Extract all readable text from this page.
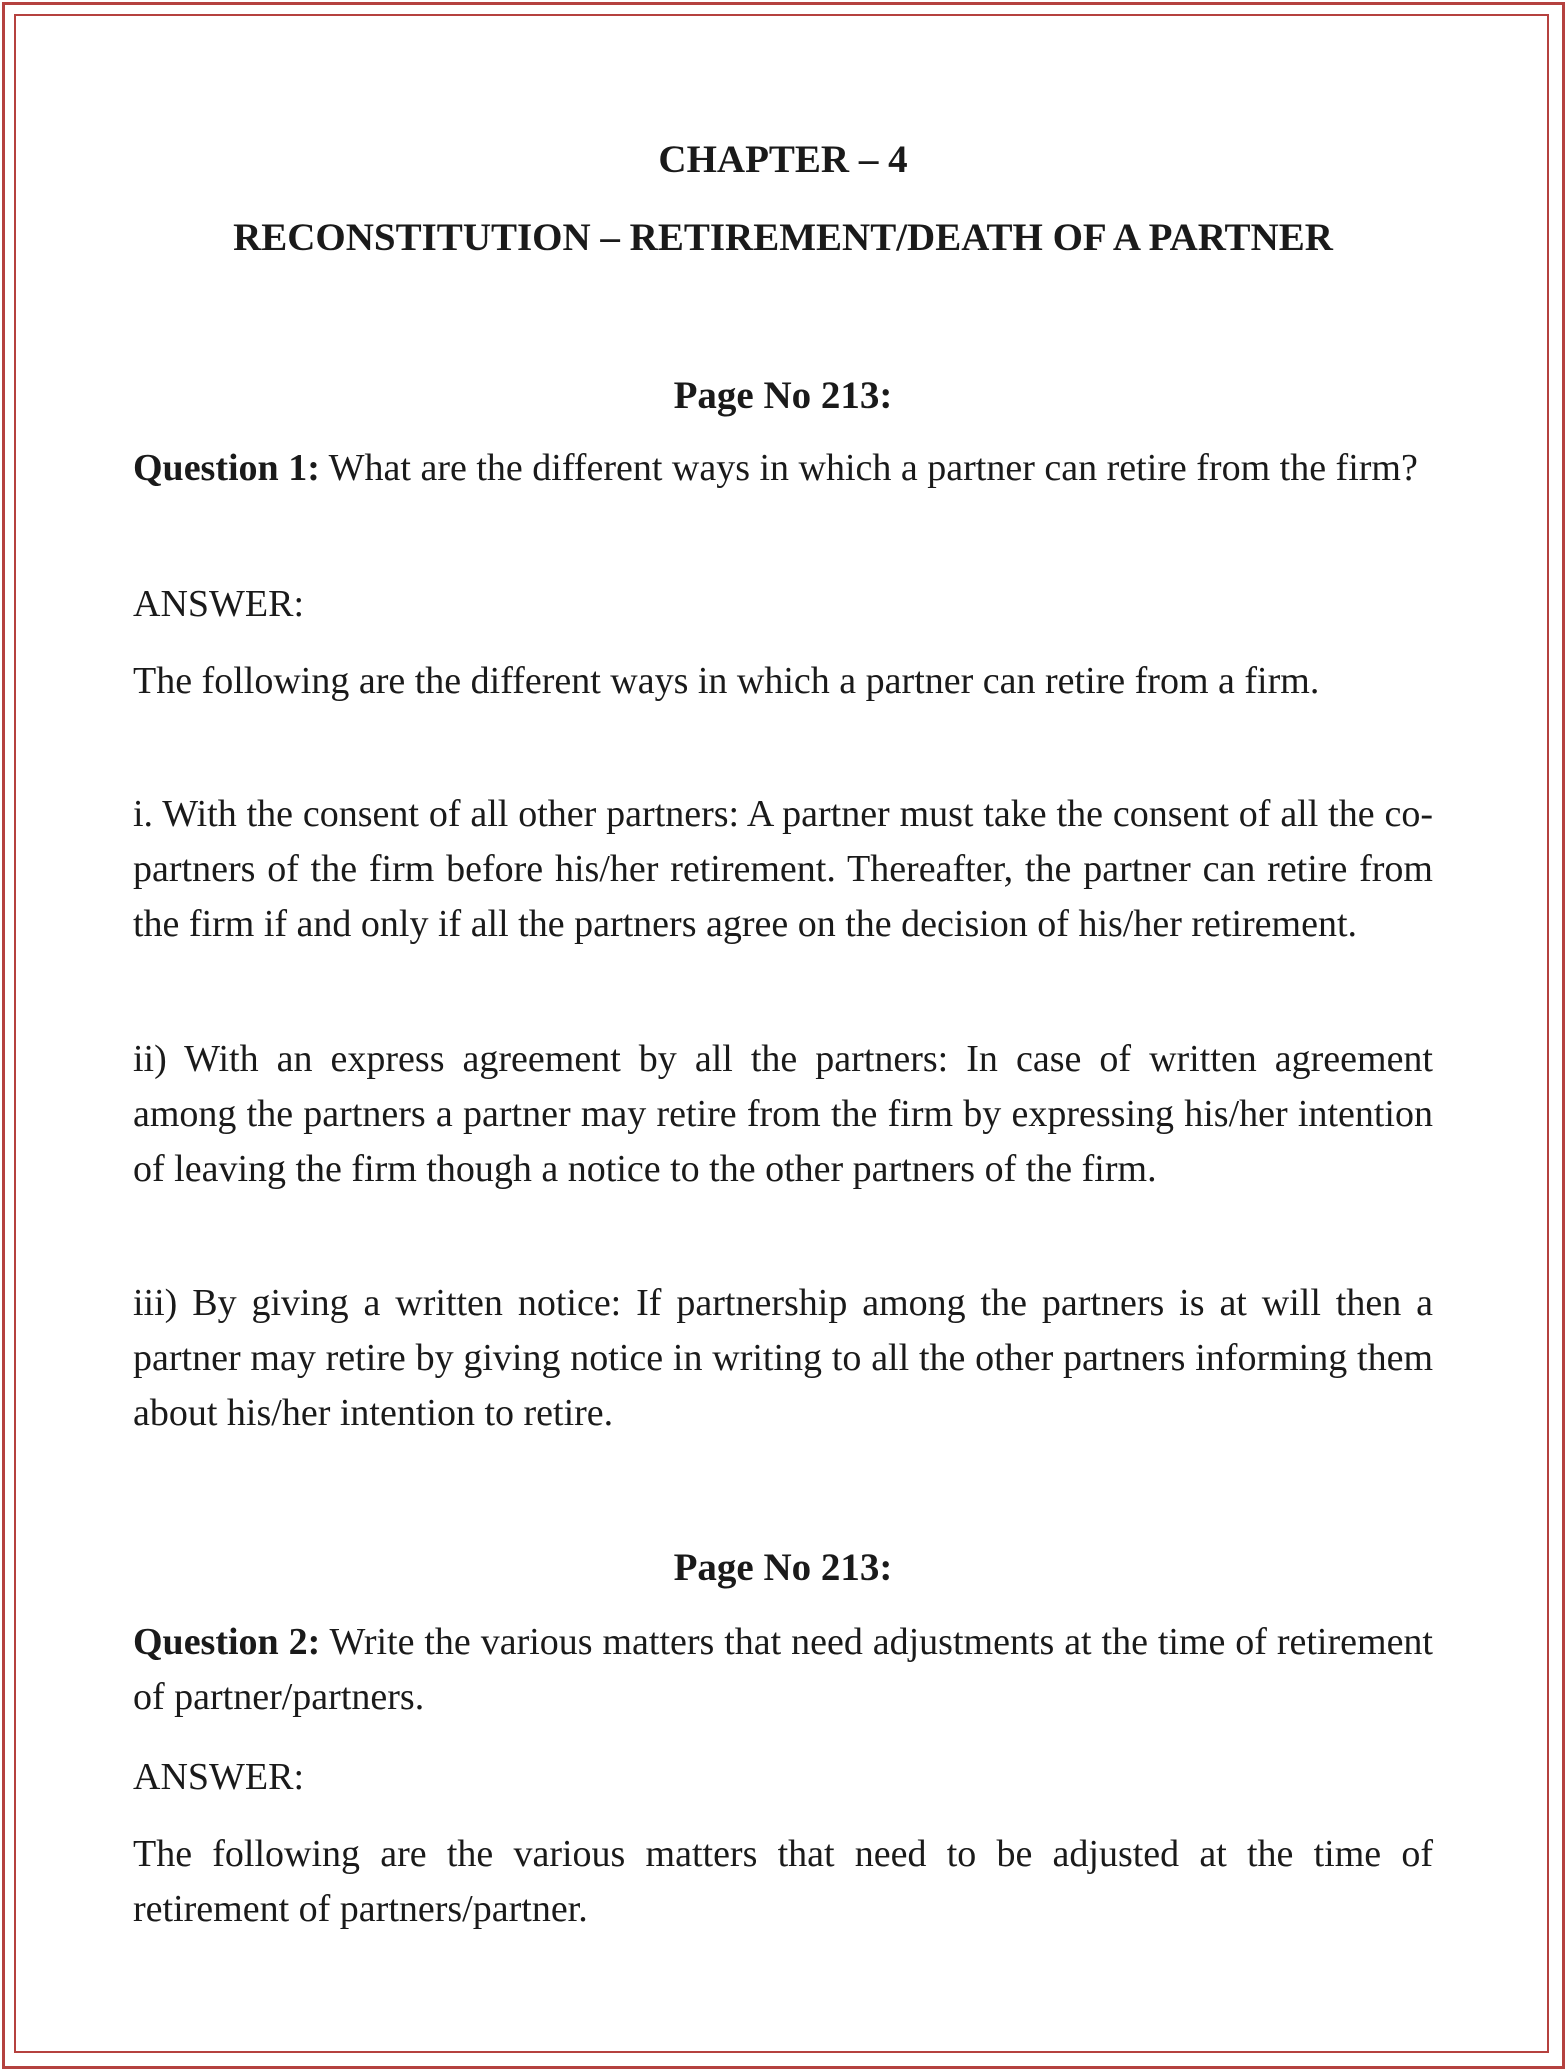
CHAPTER – 4
RECONSTITUTION – RETIREMENT/DEATH OF A PARTNER
Page No 213:

Question 1: What are the different ways in which a partner can retire from the firm?

ANSWER:

The following are the different ways in which a partner can retire from a firm.

i. With the consent of all other partners: A partner must take the consent of all the co-partners of the firm before his/her retirement. Thereafter, the partner can retire from the firm if and only if all the partners agree on the decision of his/her retirement.

ii) With an express agreement by all the partners: In case of written agreement among the partners a partner may retire from the firm by expressing his/her intention of leaving the firm though a notice to the other partners of the firm.

iii) By giving a written notice: If partnership among the partners is at will then a partner may retire by giving notice in writing to all the other partners informing them about his/her intention to retire.

Page No 213:

Question 2: Write the various matters that need adjustments at the time of retirement of partner/partners.

ANSWER:

The following are the various matters that need to be adjusted at the time of retirement of partners/partner.
